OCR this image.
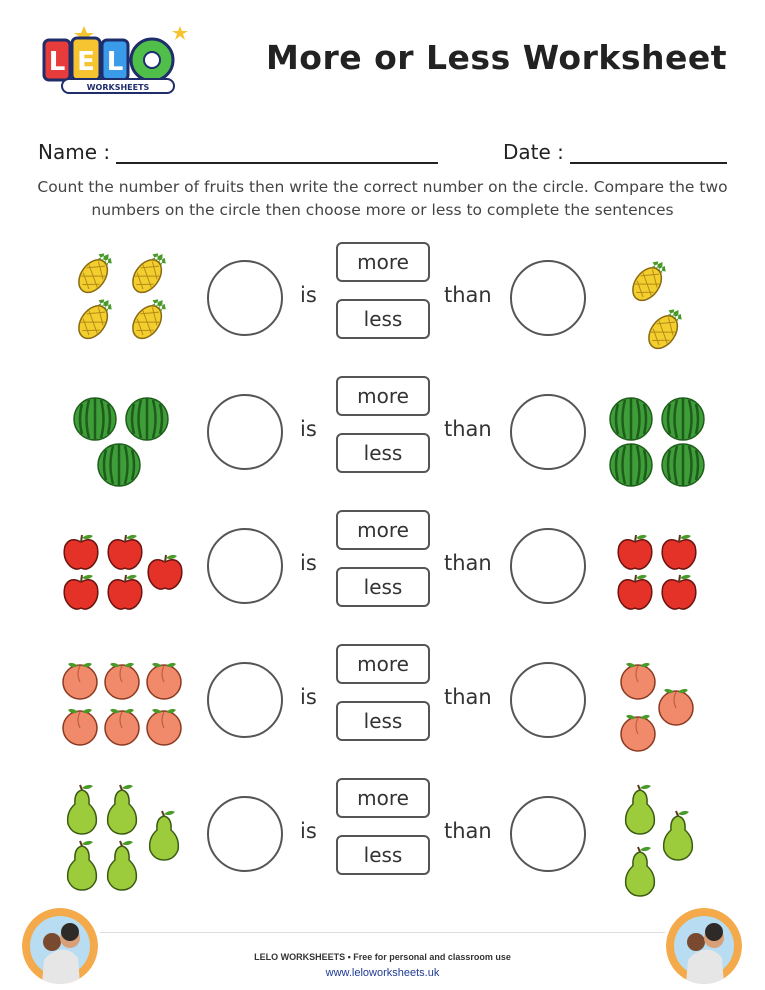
L E L
WORKSHEETS
More or Less Worksheet
Name :	Date :
Count the number of fruits then write the correct number on the circle. Compare the two numbers on the circle then choose more or less to complete the sentences
is
more
less
than
is
more
less
than
is
more
less
than
is
more
less
than
is
more
less
than
LELO WORKSHEETS • Free for personal and classroom use
www.leloworksheets.uk
